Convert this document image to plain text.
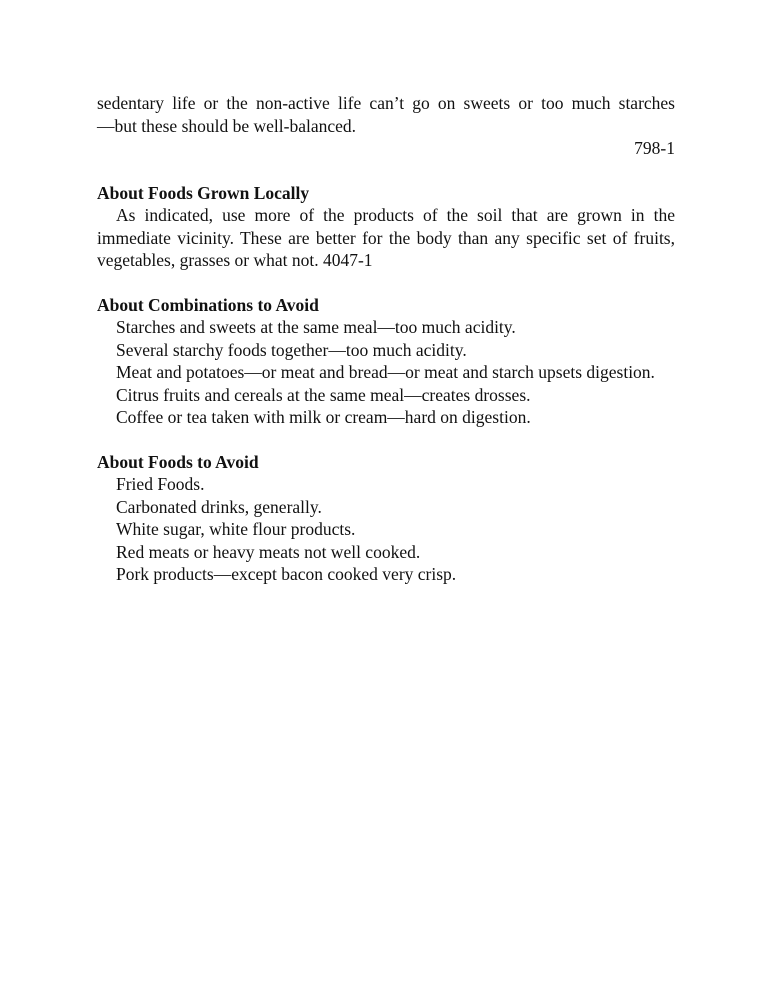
sedentary life or the non-active life can’t go on sweets or too much starches

—but these should be well-balanced.

798-1

About Foods Grown Locally

As indicated, use more of the products of the soil that are grown in the immediate vicinity. These are better for the body than any specific set of fruits, vegetables, grasses or what not. 4047-1

About Combinations to Avoid

Starches and sweets at the same meal—too much acidity.

Several starchy foods together—too much acidity.

Meat and potatoes—or meat and bread—or meat and starch upsets digestion.

Citrus fruits and cereals at the same meal—creates drosses.

Coffee or tea taken with milk or cream—hard on digestion.

About Foods to Avoid

Fried Foods.

Carbonated drinks, generally.

White sugar, white flour products.

Red meats or heavy meats not well cooked.

Pork products—except bacon cooked very crisp.
